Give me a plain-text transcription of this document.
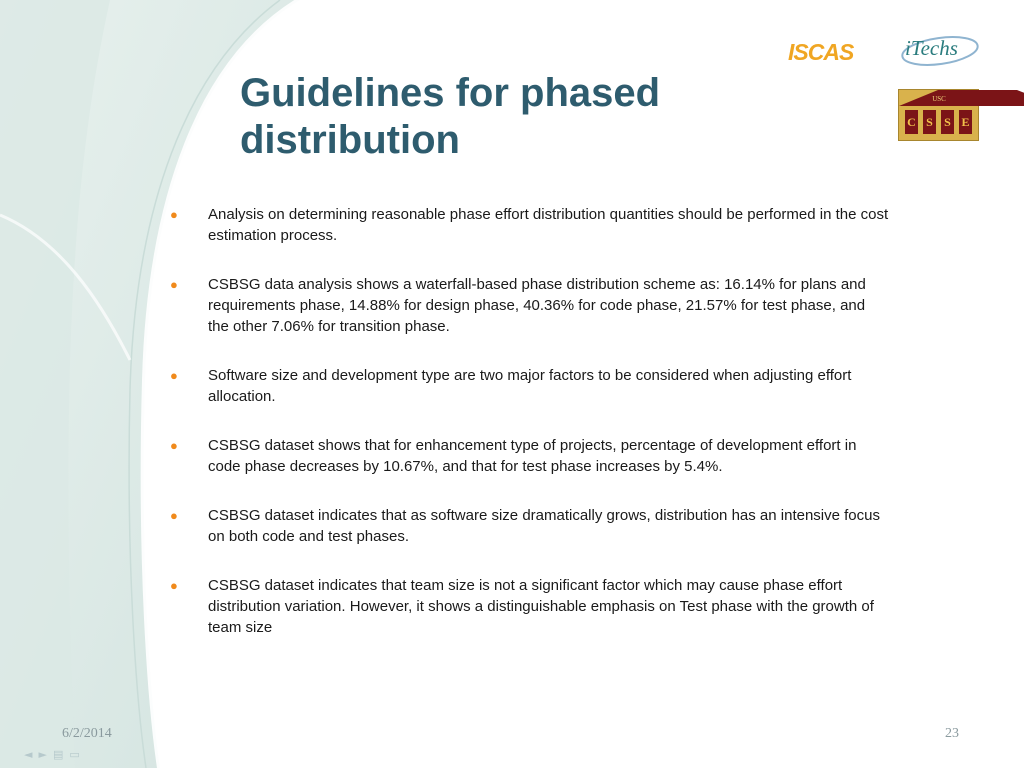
Guidelines for phased distribution
ISCAS iTechs
USC
C S S E
● Analysis on determining reasonable phase effort distribution quantities should be performed in the cost estimation process.
● CSBSG data analysis shows a waterfall-based phase distribution scheme as: 16.14% for plans and requirements phase, 14.88% for design phase, 40.36% for code phase, 21.57% for test phase, and the other 7.06% for transition phase.
● Software size and development type are two major factors to be considered when adjusting effort allocation.
● CSBSG dataset shows that for enhancement type of projects, percentage of development effort in code phase decreases by 10.67%, and that for test phase increases by 5.4%.
● CSBSG dataset indicates that as software size dramatically grows, distribution has an intensive focus on both code and test phases.
● CSBSG dataset indicates that team size is not a significant factor which may cause phase effort distribution variation. However, it shows a distinguishable emphasis on Test phase with the growth of team size
◄►▤▭
6/2/2014	23
